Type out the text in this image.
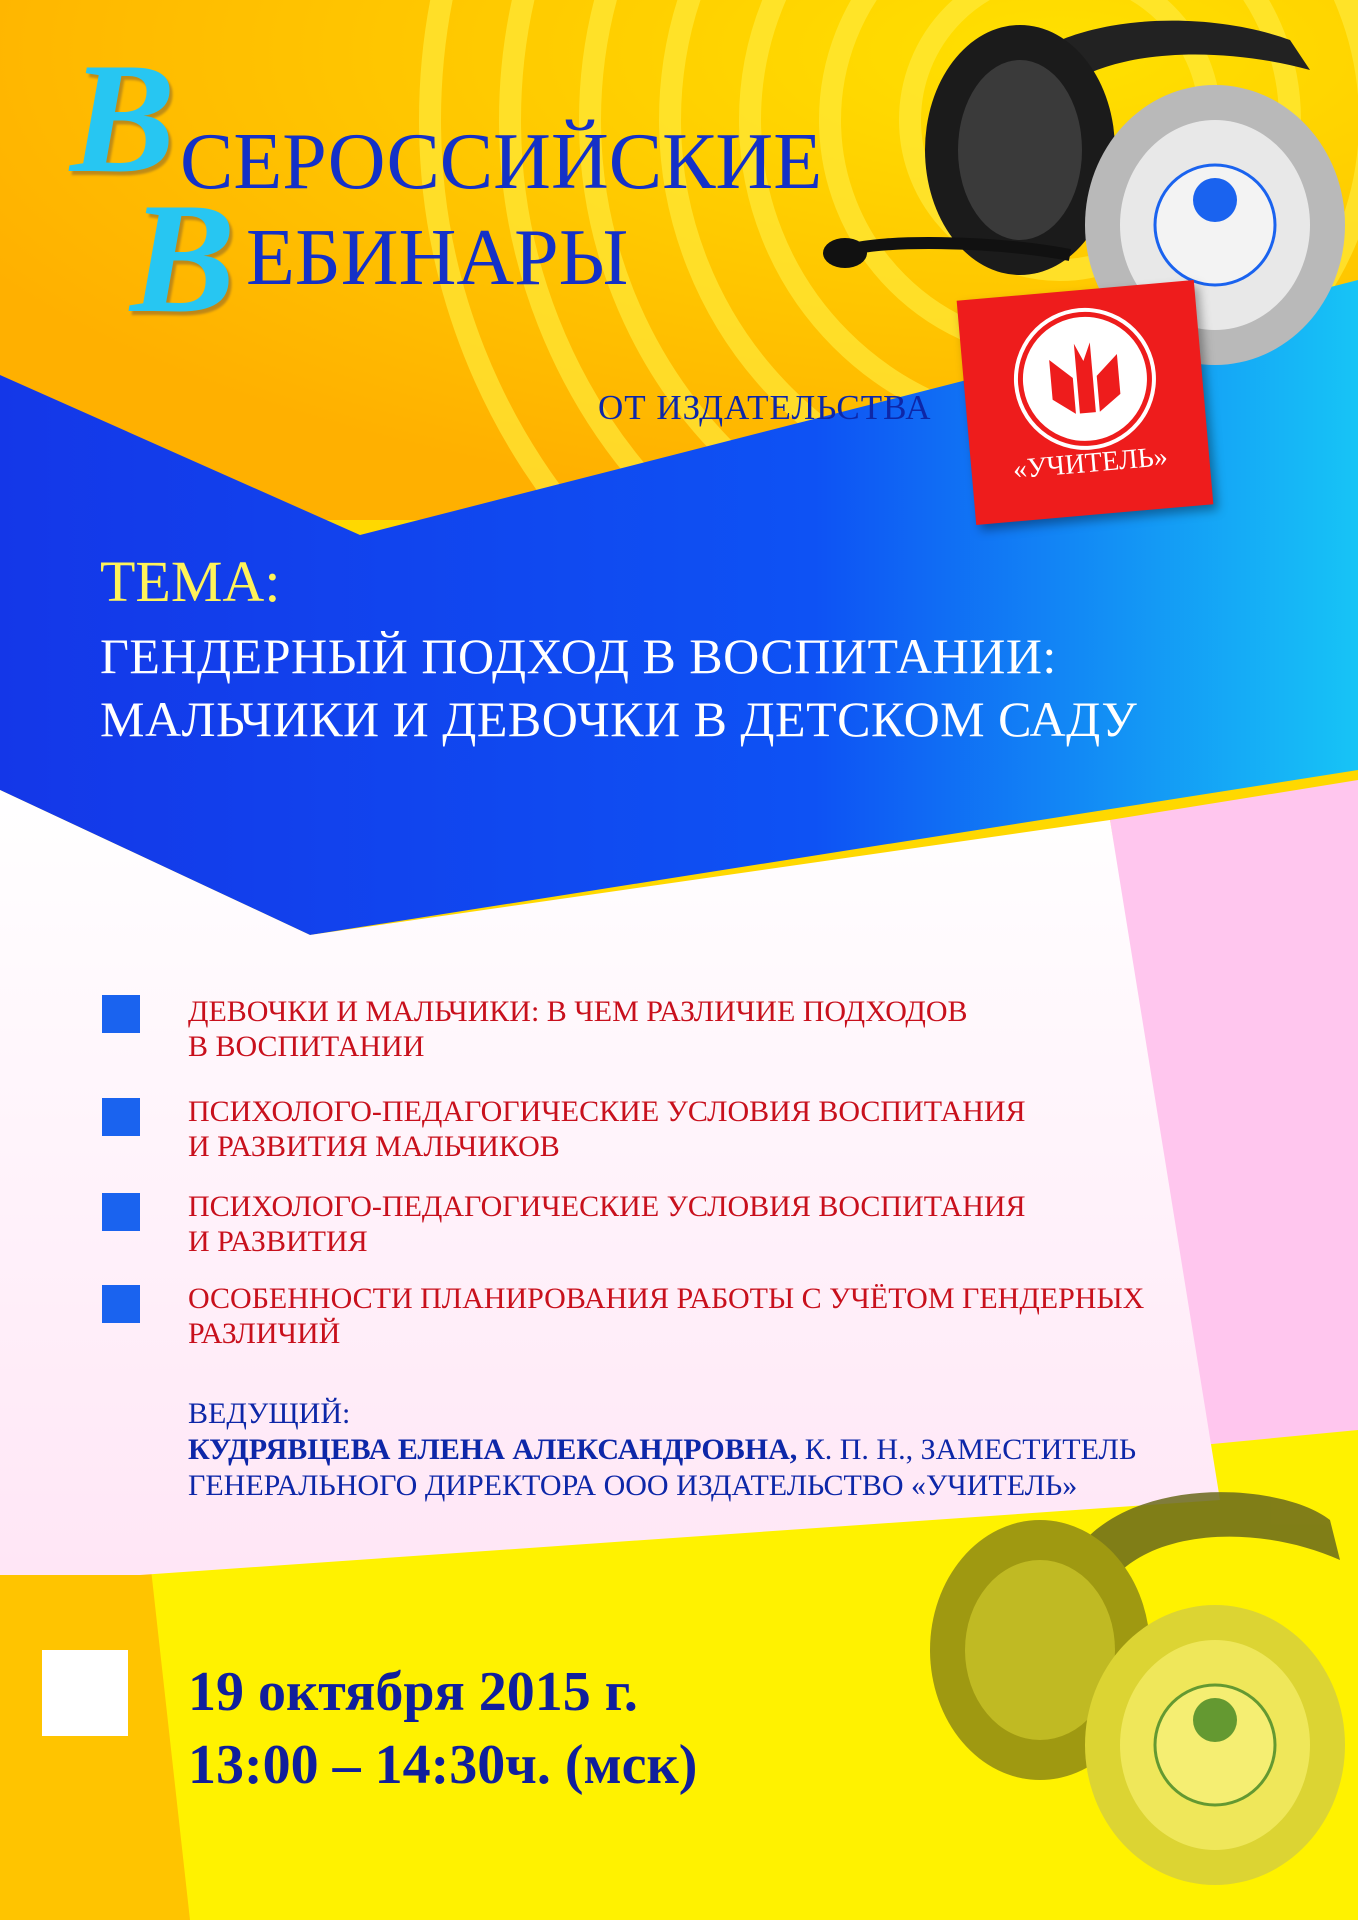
В СЕРОССИЙСКИЕ
В ЕБИНАРЫ
ОТ ИЗДАТЕЛЬСТВА
«УЧИТЕЛЬ»
ТЕМА:
ГЕНДЕРНЫЙ ПОДХОД В ВОСПИТАНИИ:
МАЛЬЧИКИ И ДЕВОЧКИ В ДЕТСКОМ САДУ
ДЕВОЧКИ И МАЛЬЧИКИ: В ЧЕМ РАЗЛИЧИЕ ПОДХОДОВ
В ВОСПИТАНИИ
ПСИХОЛОГО-ПЕДАГОГИЧЕСКИЕ УСЛОВИЯ ВОСПИТАНИЯ
И РАЗВИТИЯ МАЛЬЧИКОВ
ПСИХОЛОГО-ПЕДАГОГИЧЕСКИЕ УСЛОВИЯ ВОСПИТАНИЯ
И РАЗВИТИЯ
ОСОБЕННОСТИ ПЛАНИРОВАНИЯ РАБОТЫ С УЧЁТОМ ГЕНДЕРНЫХ
РАЗЛИЧИЙ
ВЕДУЩИЙ:
КУДРЯВЦЕВА ЕЛЕНА АЛЕКСАНДРОВНА, К. П. Н., ЗАМЕСТИТЕЛЬ
ГЕНЕРАЛЬНОГО ДИРЕКТОРА ООО ИЗДАТЕЛЬСТВО «УЧИТЕЛЬ»
19 октября 2015 г.
13:00 – 14:30ч. (мск)
